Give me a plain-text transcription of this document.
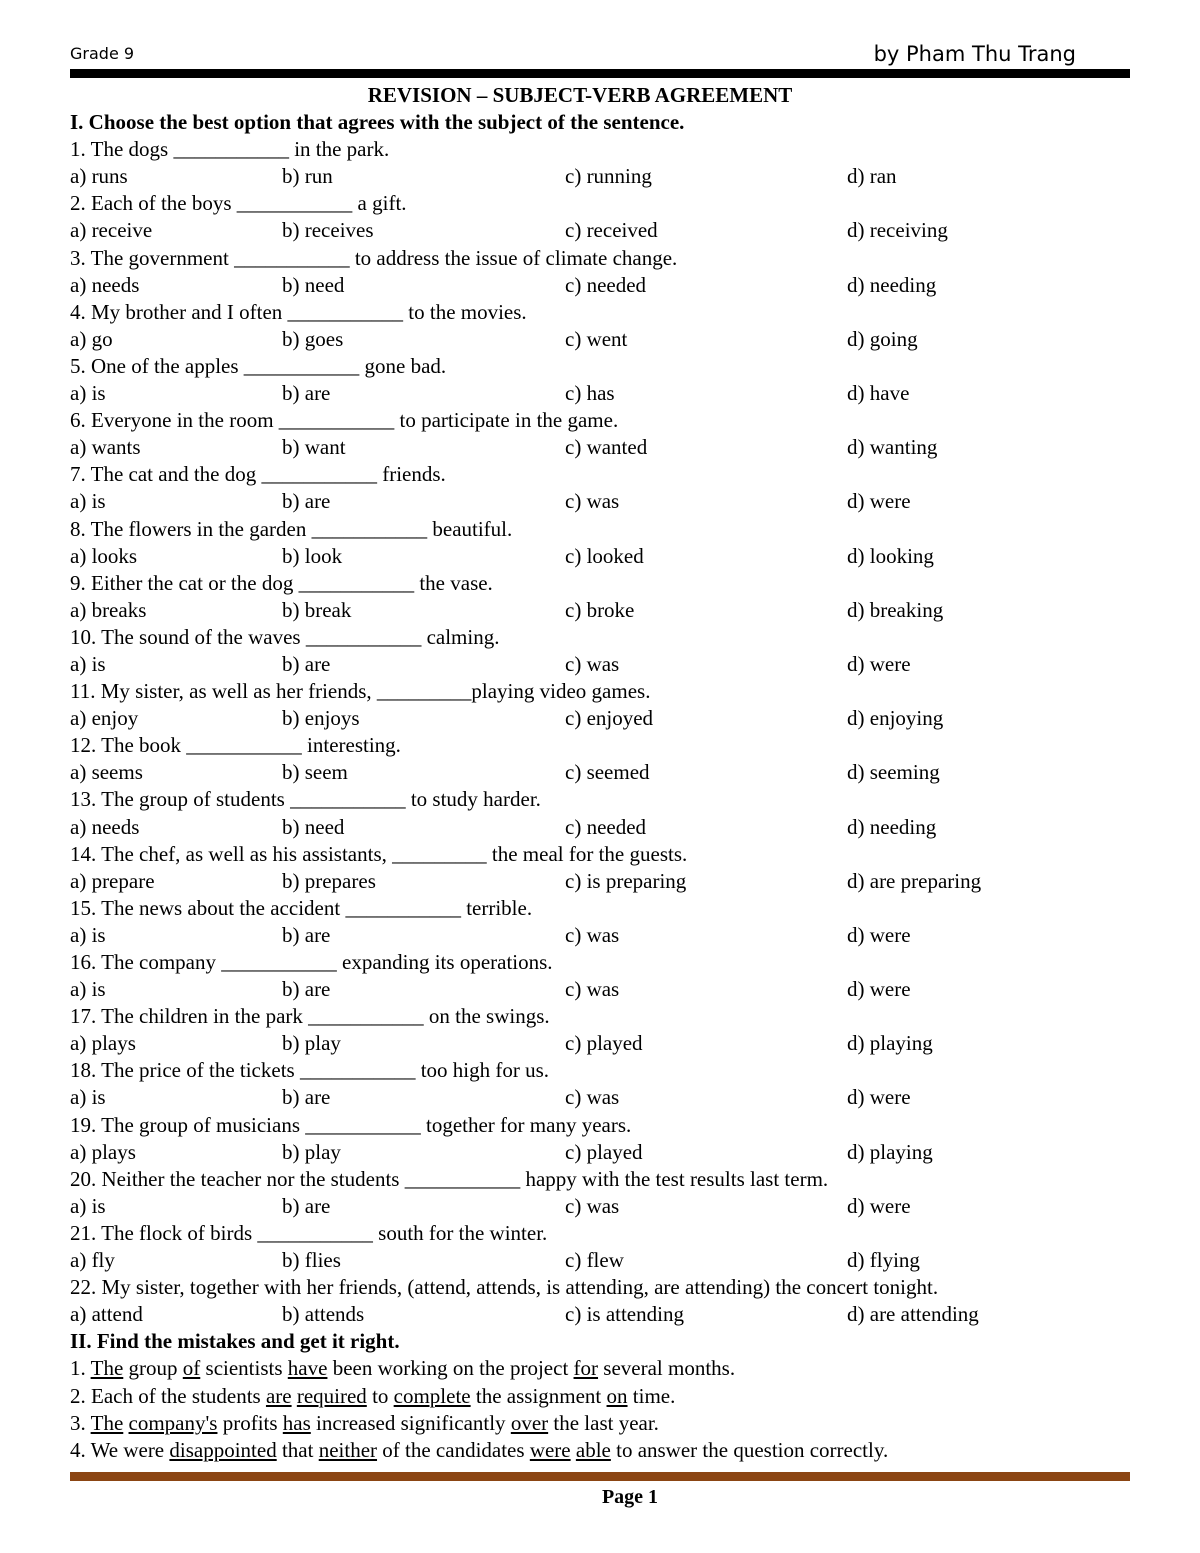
Grade 9	by Pham Thu Trang
REVISION – SUBJECT-VERB AGREEMENT
I. Choose the best option that agrees with the subject of the sentence.
1. The dogs ___________ in the park.
a) runs	b) run	c) running	d) ran
2. Each of the boys ___________ a gift.
a) receive	b) receives	c) received	d) receiving
3. The government ___________ to address the issue of climate change.
a) needs	b) need	c) needed	d) needing
4. My brother and I often ___________ to the movies.
a) go	b) goes	c) went	d) going
5. One of the apples ___________ gone bad.
a) is	b) are	c) has	d) have
6. Everyone in the room ___________ to participate in the game.
a) wants	b) want	c) wanted	d) wanting
7. The cat and the dog ___________ friends.
a) is	b) are	c) was	d) were
8. The flowers in the garden ___________ beautiful.
a) looks	b) look	c) looked	d) looking
9. Either the cat or the dog ___________ the vase.
a) breaks	b) break	c) broke	d) breaking
10. The sound of the waves ___________ calming.
a) is	b) are	c) was	d) were
11. My sister, as well as her friends, _________playing video games.
a) enjoy	b) enjoys	c) enjoyed	d) enjoying
12. The book ___________ interesting.
a) seems	b) seem	c) seemed	d) seeming
13. The group of students ___________ to study harder.
a) needs	b) need	c) needed	d) needing
14. The chef, as well as his assistants, _________ the meal for the guests.
a) prepare	b) prepares	c) is preparing	d) are preparing
15. The news about the accident ___________ terrible.
a) is	b) are	c) was	d) were
16. The company ___________ expanding its operations.
a) is	b) are	c) was	d) were
17. The children in the park ___________ on the swings.
a) plays	b) play	c) played	d) playing
18. The price of the tickets ___________ too high for us.
a) is	b) are	c) was	d) were
19. The group of musicians ___________ together for many years.
a) plays	b) play	c) played	d) playing
20. Neither the teacher nor the students ___________ happy with the test results last term.
a) is	b) are	c) was	d) were
21. The flock of birds ___________ south for the winter.
a) fly	b) flies	c) flew	d) flying
22. My sister, together with her friends, (attend, attends, is attending, are attending) the concert tonight.
a) attend	b) attends	c) is attending	d) are attending
II. Find the mistakes and get it right.
1. The group of scientists have been working on the project for several months.
2. Each of the students are required to complete the assignment on time.
3. The company's profits has increased significantly over the last year.
4. We were disappointed that neither of the candidates were able to answer the question correctly.
Page 1
